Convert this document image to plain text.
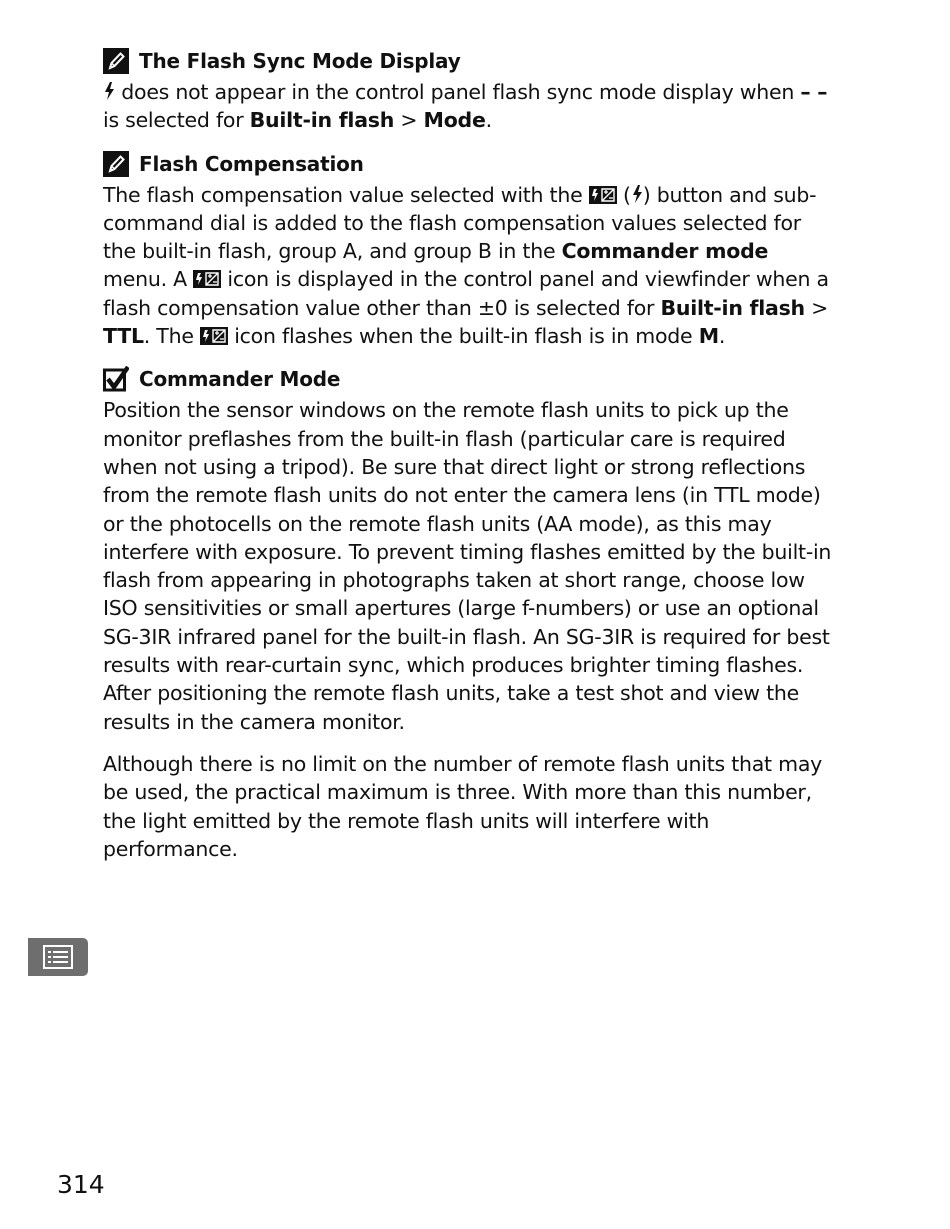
The Flash Sync Mode Display

does not appear in the control panel flash sync mode display when – – is selected for Built-in flash > Mode.

Flash Compensation

The flash compensation value selected with the  ( ) button and sub-command dial is added to the flash compensation values selected for the built-in flash, group A, and group B in the Commander mode menu. A  icon is displayed in the control panel and viewfinder when a flash compensation value other than ±0 is selected for Built-in flash > TTL. The  icon flashes when the built-in flash is in mode M.

Commander Mode

Position the sensor windows on the remote flash units to pick up the monitor preflashes from the built-in flash (particular care is required when not using a tripod). Be sure that direct light or strong reflections from the remote flash units do not enter the camera lens (in TTL mode) or the photocells on the remote flash units (AA mode), as this may interfere with exposure. To prevent timing flashes emitted by the built-in flash from appearing in photographs taken at short range, choose low ISO sensitivities or small apertures (large f-numbers) or use an optional SG-3IR infrared panel for the built-in flash. An SG-3IR is required for best results with rear-curtain sync, which produces brighter timing flashes. After positioning the remote flash units, take a test shot and view the results in the camera monitor.

Although there is no limit on the number of remote flash units that may be used, the practical maximum is three. With more than this number, the light emitted by the remote flash units will interfere with performance.

314
